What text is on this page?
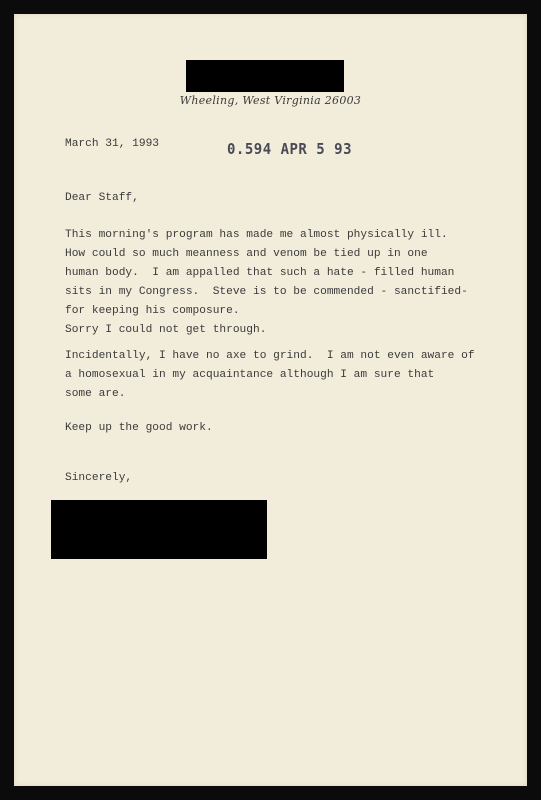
Wheeling, West Virginia 26003
March 31, 1993	0.594 APR 5 93
Dear Staff,
This morning's program has made me almost physically ill.
How could so much meanness and venom be tied up in one
human body.  I am appalled that such a hate - filled human
sits in my Congress.  Steve is to be commended - sanctified-
for keeping his composure.
Sorry I could not get through.
Incidentally, I have no axe to grind.  I am not even aware of
a homosexual in my acquaintance although I am sure that
some are.
Keep up the good work.
Sincerely,
